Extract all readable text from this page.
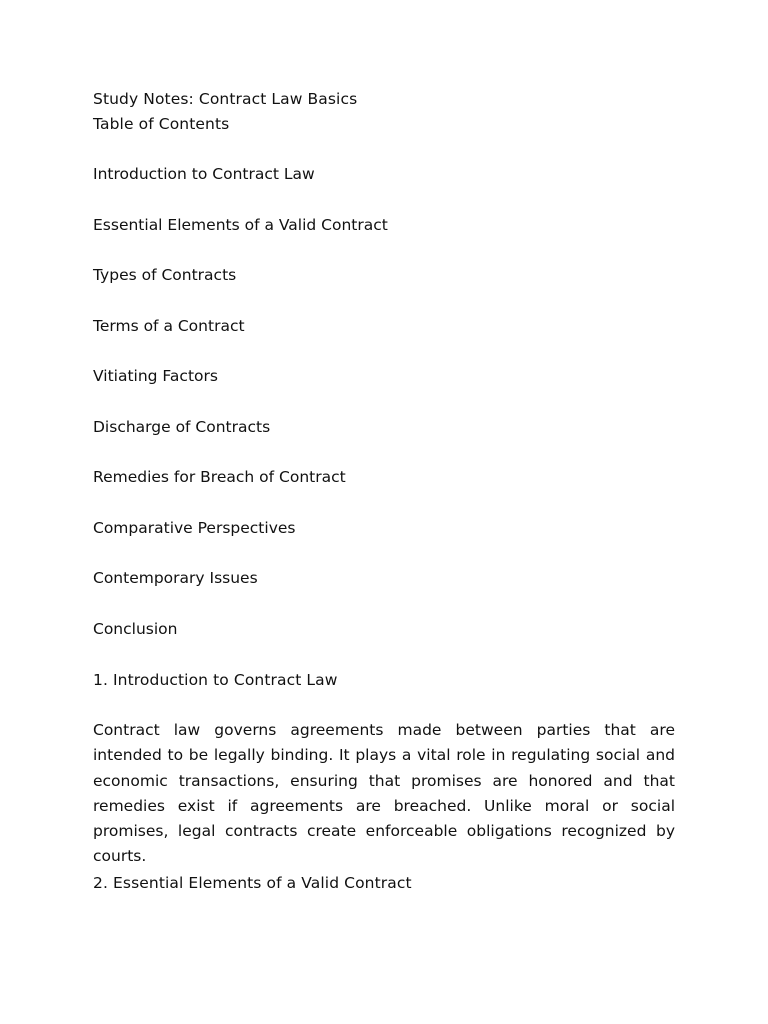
Study Notes: Contract Law Basics
Table of Contents
Introduction to Contract Law
Essential Elements of a Valid Contract
Types of Contracts
Terms of a Contract
Vitiating Factors
Discharge of Contracts
Remedies for Breach of Contract
Comparative Perspectives
Contemporary Issues
Conclusion
1. Introduction to Contract Law

Contract law governs agreements made between parties that are intended to be legally binding. It plays a vital role in regulating social and economic transactions, ensuring that promises are honored and that remedies exist if agreements are breached. Unlike moral or social promises, legal contracts create enforceable obligations recognized by courts.

2. Essential Elements of a Valid Contract
